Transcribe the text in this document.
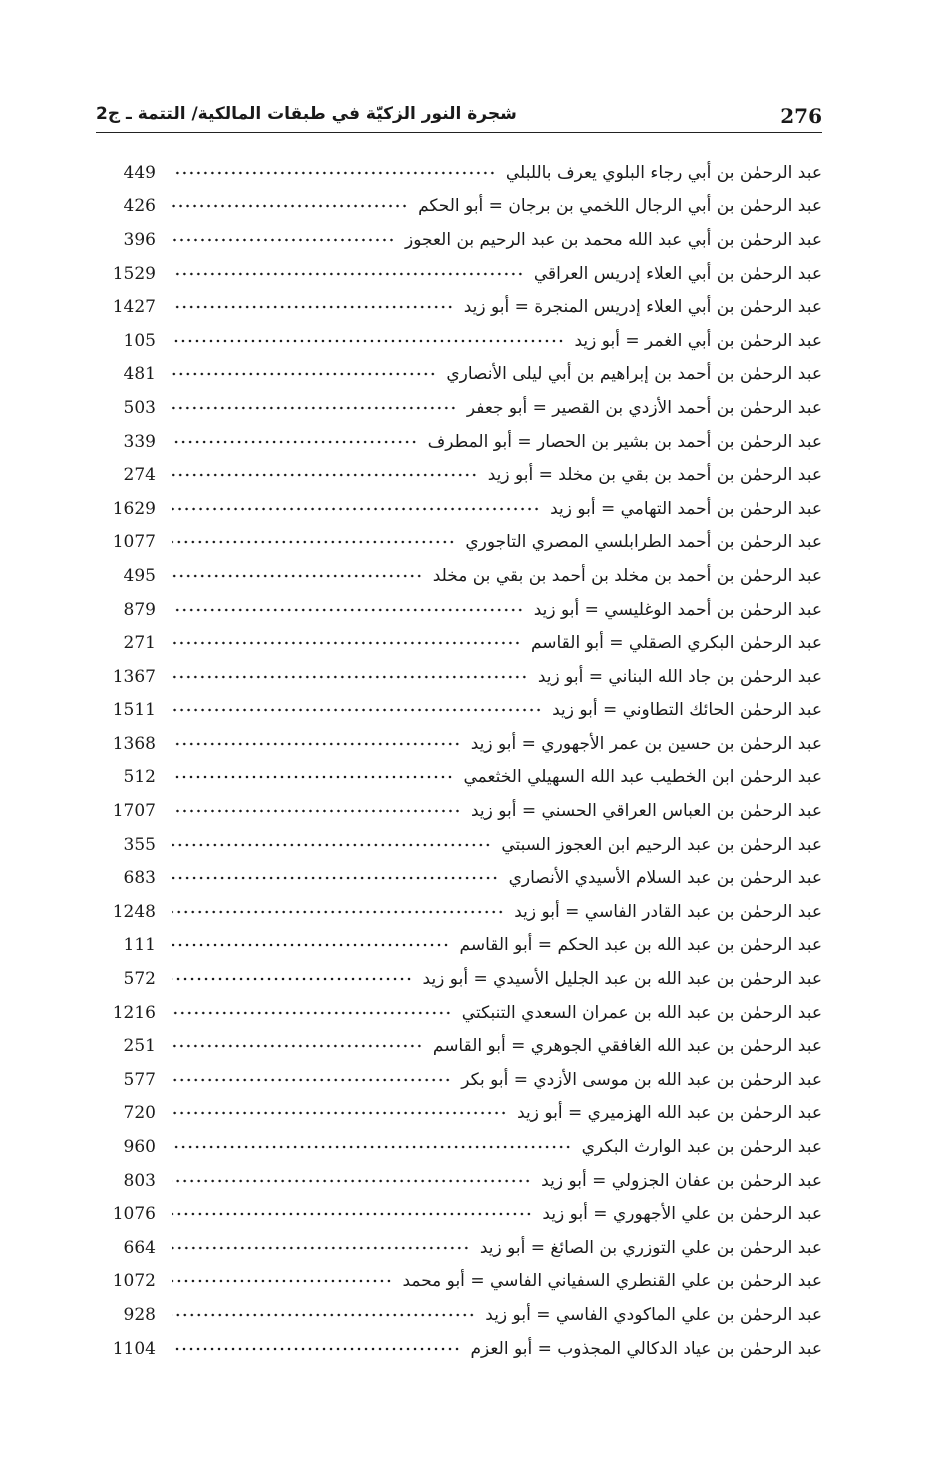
شجرة النور الزكيّة في طبقات المالكية/ التتمة ـ ج2	276
449	عبد الرحمٰن بن أبي رجاء البلوي يعرف باللبلي
426	عبد الرحمٰن بن أبي الرجال اللخمي بن برجان = أبو الحكم
396	عبد الرحمٰن بن أبي عبد الله محمد بن عبد الرحيم بن العجوز
1529	عبد الرحمٰن بن أبي العلاء إدريس العراقي
1427	عبد الرحمٰن بن أبي العلاء إدريس المنجرة = أبو زيد
105	عبد الرحمٰن بن أبي الغمر = أبو زيد
481	عبد الرحمٰن بن أحمد بن إبراهيم بن أبي ليلى الأنصاري
503	عبد الرحمٰن بن أحمد الأزدي بن القصير = أبو جعفر
339	عبد الرحمٰن بن أحمد بن بشير بن الحصار = أبو المطرف
274	عبد الرحمٰن بن أحمد بن بقي بن مخلد = أبو زيد
1629	عبد الرحمٰن بن أحمد التهامي = أبو زيد
1077	عبد الرحمٰن بن أحمد الطرابلسي المصري التاجوري
495	عبد الرحمٰن بن أحمد بن مخلد بن أحمد بن بقي بن مخلد
879	عبد الرحمٰن بن أحمد الوغليسي = أبو زيد
271	عبد الرحمٰن البكري الصقلي = أبو القاسم
1367	عبد الرحمٰن بن جاد الله البناني = أبو زيد
1511	عبد الرحمٰن الحائك التطاوني = أبو زيد
1368	عبد الرحمٰن بن حسين بن عمر الأجهوري = أبو زيد
512	عبد الرحمٰن ابن الخطيب عبد الله السهيلي الخثعمي
1707	عبد الرحمٰن بن العباس العراقي الحسني = أبو زيد
355	عبد الرحمٰن بن عبد الرحيم ابن العجوز السبتي
683	عبد الرحمٰن بن عبد السلام الأسيدي الأنصاري
1248	عبد الرحمٰن بن عبد القادر الفاسي = أبو زيد
111	عبد الرحمٰن بن عبد الله بن عبد الحكم = أبو القاسم
572	عبد الرحمٰن بن عبد الله بن عبد الجليل الأسيدي = أبو زيد
1216	عبد الرحمٰن بن عبد الله بن عمران السعدي التنبكتي
251	عبد الرحمٰن بن عبد الله الغافقي الجوهري = أبو القاسم
577	عبد الرحمٰن بن عبد الله بن موسى الأزدي = أبو بكر
720	عبد الرحمٰن بن عبد الله الهزميري = أبو زيد
960	عبد الرحمٰن بن عبد الوارث البكري
803	عبد الرحمٰن بن عفان الجزولي = أبو زيد
1076	عبد الرحمٰن بن علي الأجهوري = أبو زيد
664	عبد الرحمٰن بن علي التوزري بن الصائغ = أبو زيد
1072	عبد الرحمٰن بن علي القنطري السفياني الفاسي = أبو محمد
928	عبد الرحمٰن بن علي الماكودي الفاسي = أبو زيد
1104	عبد الرحمٰن بن عياد الدكالي المجذوب = أبو العزم
